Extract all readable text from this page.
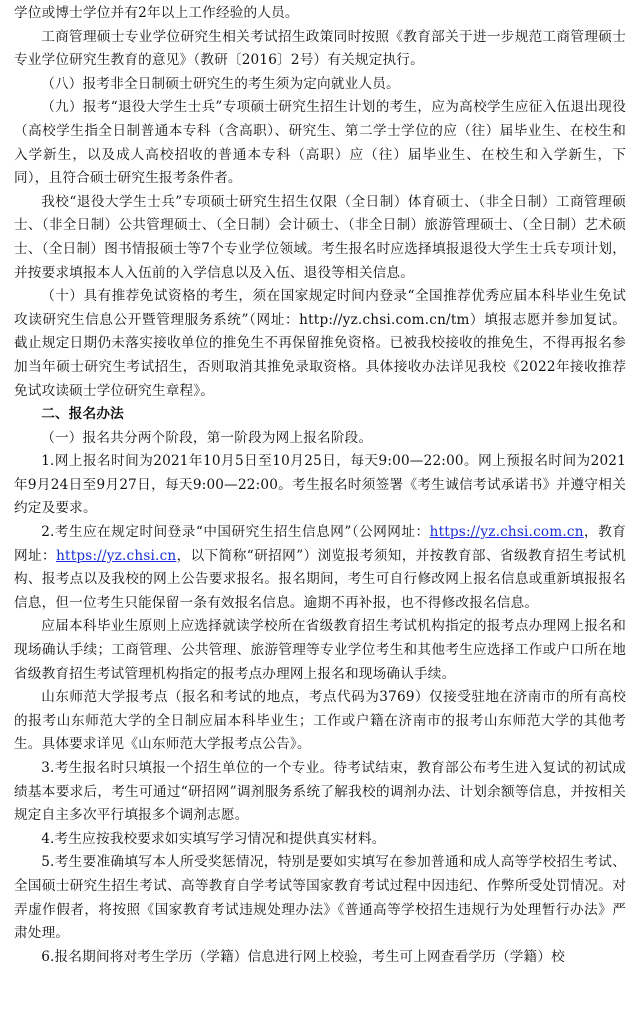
学位或博士学位并有2年以上工作经验的人员。

工商管理硕士专业学位研究生相关考试招生政策同时按照《教育部关于进一步规范工商管理硕士专业学位研究生教育的意见》（教研〔2016〕2号）有关规定执行。

（八）报考非全日制硕士研究生的考生须为定向就业人员。

（九）报考“退役大学生士兵”专项硕士研究生招生计划的考生，应为高校学生应征入伍退出现役（高校学生指全日制普通本专科（含高职）、研究生、第二学士学位的应（往）届毕业生、在校生和入学新生，以及成人高校招收的普通本专科（高职）应（往）届毕业生、在校生和入学新生，下同），且符合硕士研究生报考条件者。

我校“退役大学生士兵”专项硕士研究生招生仅限（全日制）体育硕士、（非全日制）工商管理硕士、（非全日制）公共管理硕士、（全日制）会计硕士、（非全日制）旅游管理硕士、（全日制）艺术硕士、（全日制）图书情报硕士等7个专业学位领域。考生报名时应选择填报退役大学生士兵专项计划，并按要求填报本人入伍前的入学信息以及入伍、退役等相关信息。

（十）具有推荐免试资格的考生，须在国家规定时间内登录“全国推荐优秀应届本科毕业生免试攻读研究生信息公开暨管理服务系统”（网址：http://yz.chsi.com.cn/tm）填报志愿并参加复试。截止规定日期仍未落实接收单位的推免生不再保留推免资格。已被我校接收的推免生，不得再报名参加当年硕士研究生考试招生，否则取消其推免录取资格。具体接收办法详见我校《2022年接收推荐免试攻读硕士学位研究生章程》。

二、报名办法

（一）报名共分两个阶段，第一阶段为网上报名阶段。

1.网上报名时间为2021年10月5日至10月25日，每天9:00—22:00。网上预报名时间为2021年9月24日至9月27日，每天9:00—22:00。考生报名时须签署《考生诚信考试承诺书》并遵守相关约定及要求。

2.考生应在规定时间登录“中国研究生招生信息网”（公网网址：https://yz.chsi.com.cn，教育网址：https://yz.chsi.cn，以下简称“研招网”）浏览报考须知，并按教育部、省级教育招生考试机构、报考点以及我校的网上公告要求报名。报名期间，考生可自行修改网上报名信息或重新填报报名信息，但一位考生只能保留一条有效报名信息。逾期不再补报，也不得修改报名信息。

应届本科毕业生原则上应选择就读学校所在省级教育招生考试机构指定的报考点办理网上报名和现场确认手续；工商管理、公共管理、旅游管理等专业学位考生和其他考生应选择工作或户口所在地省级教育招生考试管理机构指定的报考点办理网上报名和现场确认手续。

山东师范大学报考点（报名和考试的地点，考点代码为3769）仅接受驻地在济南市的所有高校的报考山东师范大学的全日制应届本科毕业生；工作或户籍在济南市的报考山东师范大学的其他考生。具体要求详见《山东师范大学报考点公告》。

3.考生报名时只填报一个招生单位的一个专业。待考试结束，教育部公布考生进入复试的初试成绩基本要求后，考生可通过“研招网”调剂服务系统了解我校的调剂办法、计划余额等信息，并按相关规定自主多次平行填报多个调剂志愿。

4.考生应按我校要求如实填写学习情况和提供真实材料。

5.考生要准确填写本人所受奖惩情况，特别是要如实填写在参加普通和成人高等学校招生考试、全国硕士研究生招生考试、高等教育自学考试等国家教育考试过程中因违纪、作弊所受处罚情况。对弄虚作假者，将按照《国家教育考试违规处理办法》《普通高等学校招生违规行为处理暂行办法》严肃处理。

6.报名期间将对考生学历（学籍）信息进行网上校验，考生可上网查看学历（学籍）校
